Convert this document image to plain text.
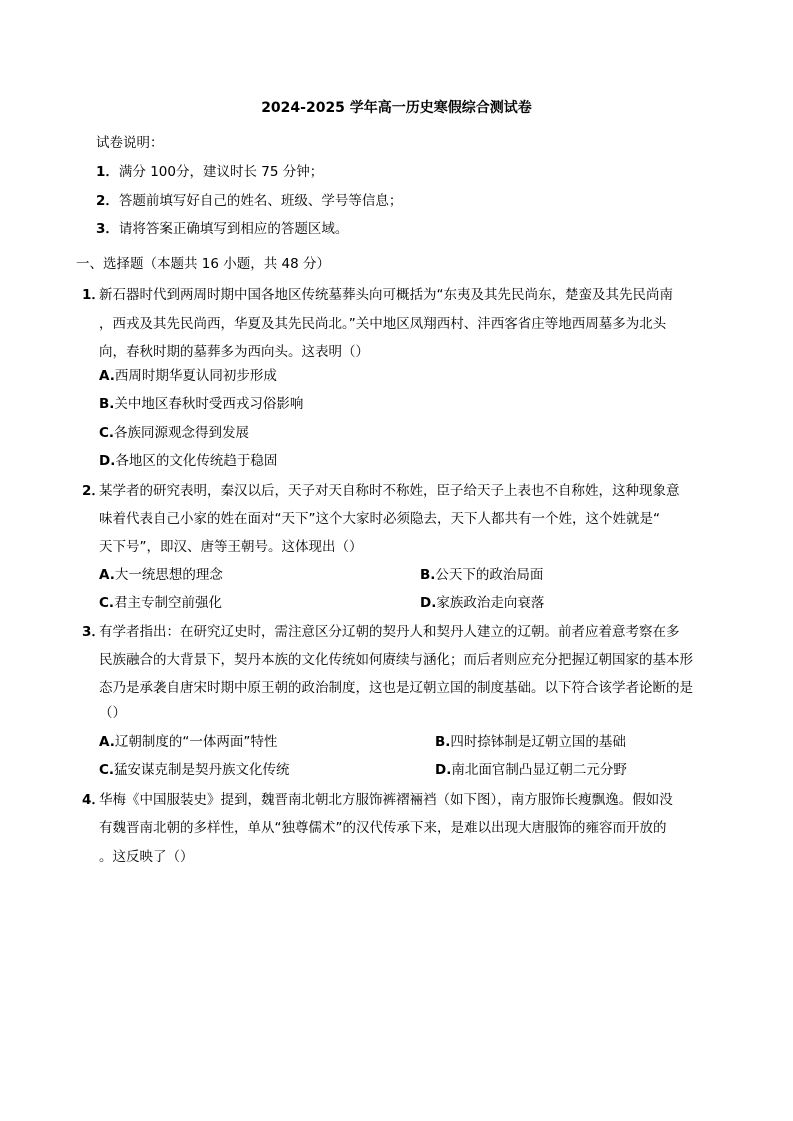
2024-2025 学年高一历史寒假综合测试卷
试卷说明：
1．满分 100分，建议时长 75 分钟；
2．答题前填写好自己的姓名、班级、学号等信息；
3．请将答案正确填写到相应的答题区域。
一、选择题（本题共 16 小题，共 48 分）
1．
新石器时代到两周时期中国各地区传统墓葬头向可概括为“东夷及其先民尚东，楚蛮及其先民尚南
，西戎及其先民尚西，华夏及其先民尚北。”关中地区凤翔西村、沣西客省庄等地西周墓多为北头
向，春秋时期的墓葬多为西向头。这表明（）
A.西周时期华夏认同初步形成
B.关中地区春秋时受西戎习俗影响
C.各族同源观念得到发展
D.各地区的文化传统趋于稳固
2．
某学者的研究表明，秦汉以后，天子对天自称时不称姓，臣子给天子上表也不自称姓，这种现象意
味着代表自己小家的姓在面对“天下”这个大家时必须隐去，天下人都共有一个姓，这个姓就是“
天下号”，即汉、唐等王朝号。这体现出（）
A.大一统思想的理念	B.公天下的政治局面
C.君主专制空前强化	D.家族政治走向衰落
3．
有学者指出：在研究辽史时，需注意区分辽朝的契丹人和契丹人建立的辽朝。前者应着意考察在多
民族融合的大背景下，契丹本族的文化传统如何赓续与涵化；而后者则应充分把握辽朝国家的基本形
态乃是承袭自唐宋时期中原王朝的政治制度，这也是辽朝立国的制度基础。以下符合该学者论断的是
（）
A.辽朝制度的“一体两面”特性	B.四时捺钵制是辽朝立国的基础
C.猛安谋克制是契丹族文化传统	D.南北面官制凸显辽朝二元分野
4．
华梅《中国服装史》提到，魏晋南北朝北方服饰裤褶裲裆（如下图），南方服饰长瘦飘逸。假如没
有魏晋南北朝的多样性，单从“独尊儒术”的汉代传承下来，是难以出现大唐服饰的雍容而开放的
。这反映了（）
